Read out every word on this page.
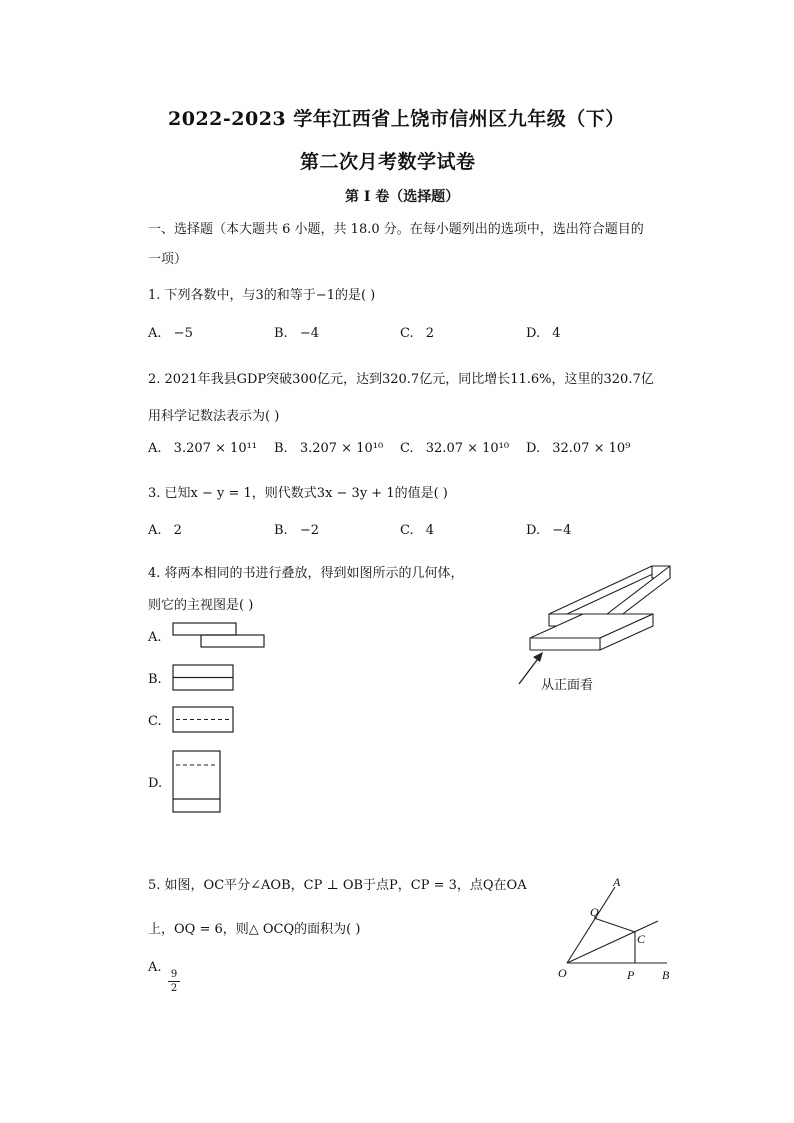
2022-2023 学年江西省上饶市信州区九年级（下）
第二次月考数学试卷
第 I 卷（选择题）
一、选择题（本大题共 6 小题，共 18.0 分。在每小题列出的选项中，选出符合题目的
一项）
1. 下列各数中，与3的和等于−1的是( )
A. −5	B. −4	C. 2	D. 4
2. 2021年我县GDP突破300亿元，达到320.7亿元，同比增长11.6%，这里的320.7亿
用科学记数法表示为( )
A. 3.207 × 10¹¹ B. 3.207 × 10¹⁰ C. 32.07 × 10¹⁰ D. 32.07 × 10⁹
3. 已知x − y = 1，则代数式3x − 3y + 1的值是( )
A. 2	B. −2	C. 4	D. −4
4. 将两本相同的书进行叠放，得到如图所示的几何体，
则它的主视图是( )
A.
B.
C.
D.
从正面看
5. 如图，OC平分∠AOB，CP ⊥ OB于点P，CP = 3，点Q在OA
上，OQ = 6，则△ OCQ的面积为( )
A. 9
2
A
Q
C
O	P B
